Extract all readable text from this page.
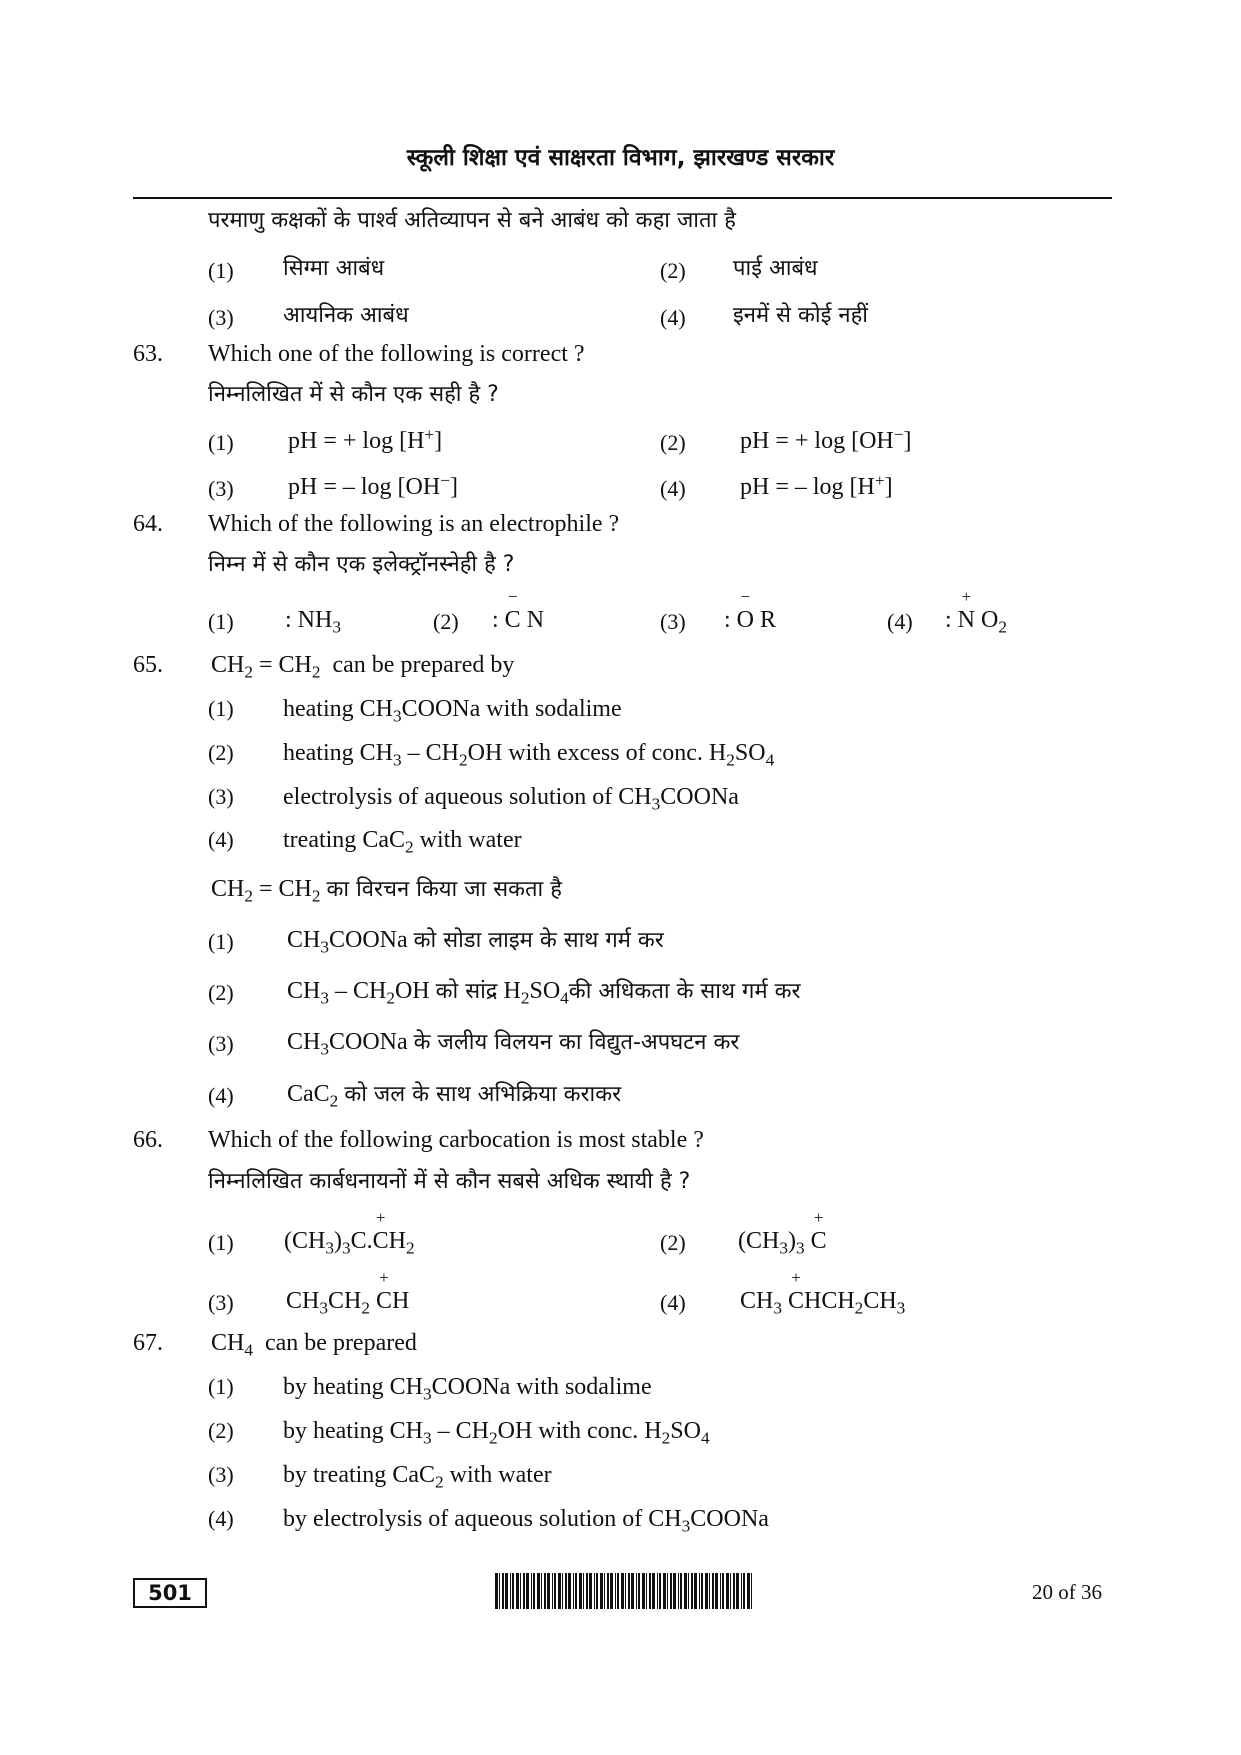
स्कूली शिक्षा एवं साक्षरता विभाग, झारखण्ड सरकार
परमाणु कक्षकों के पार्श्व अतिव्यापन से बने आबंध को कहा जाता है
(1) सिग्मा आबंध	(2) पाई आबंध
(3) आयनिक आबंध	(4) इनमें से कोई नहीं
63. Which one of the following is correct ?
निम्नलिखित में से कौन एक सही है ?
(1) pH = + log [H+]	(2) pH = + log [OH−]
(3) pH = – log [OH−]	(4) pH = – log [H+]
64. Which of the following is an electrophile ?
निम्न में से कौन एक इलेक्ट्रॉनस्नेही है ?
(1) : $NH_3$	(2) :
−
C N	(3) :
−
O R	(4) :
+
N $O_2$
65. $CH_2 = CH_2$ can be prepared by
(1) heating $CH_3COONa$ with sodalime
(2) heating $CH_3 - CH_2OH$ with excess of conc. $H_2SO_4$
(3) electrolysis of aqueous solution of $CH_3COONa$
(4) treating CaC$_2$ with water
$CH_2 = CH_2$ का विरचन किया जा सकता है
(1) $CH_3COONa$ को सोडा लाइम के साथ गर्म कर
(2) $CH_3 - CH_2OH$ को सांद्र $H_2SO_4की$ अधिकता के साथ गर्म कर
(3) $CH_3COONa$ के जलीय विलयन का विद्युत-अपघटन कर
(4) CaC$_2$ को जल के साथ अभिक्रिया कराकर
66. Which of the following carbocation is most stable ?
निम्नलिखित कार्बधनायनों में से कौन सबसे अधिक स्थायी है ?
(1) $(CH_3)_3C$.
+
$CH_2$	(2) $(CH_3)_3$
+
C
(3) $CH_3CH_2$
+
CH	(4) $CH_3$
+
$CHCH_2CH_3$
67. $CH_4$ can be prepared
(1) by heating $CH_3COONa$ with sodalime
(2) by heating $CH_3 - CH_2OH$ with conc. $H_2SO_4$
(3) by treating CaC$_2$ with water
(4) by electrolysis of aqueous solution of $CH_3COONa$
501	20 of 36
